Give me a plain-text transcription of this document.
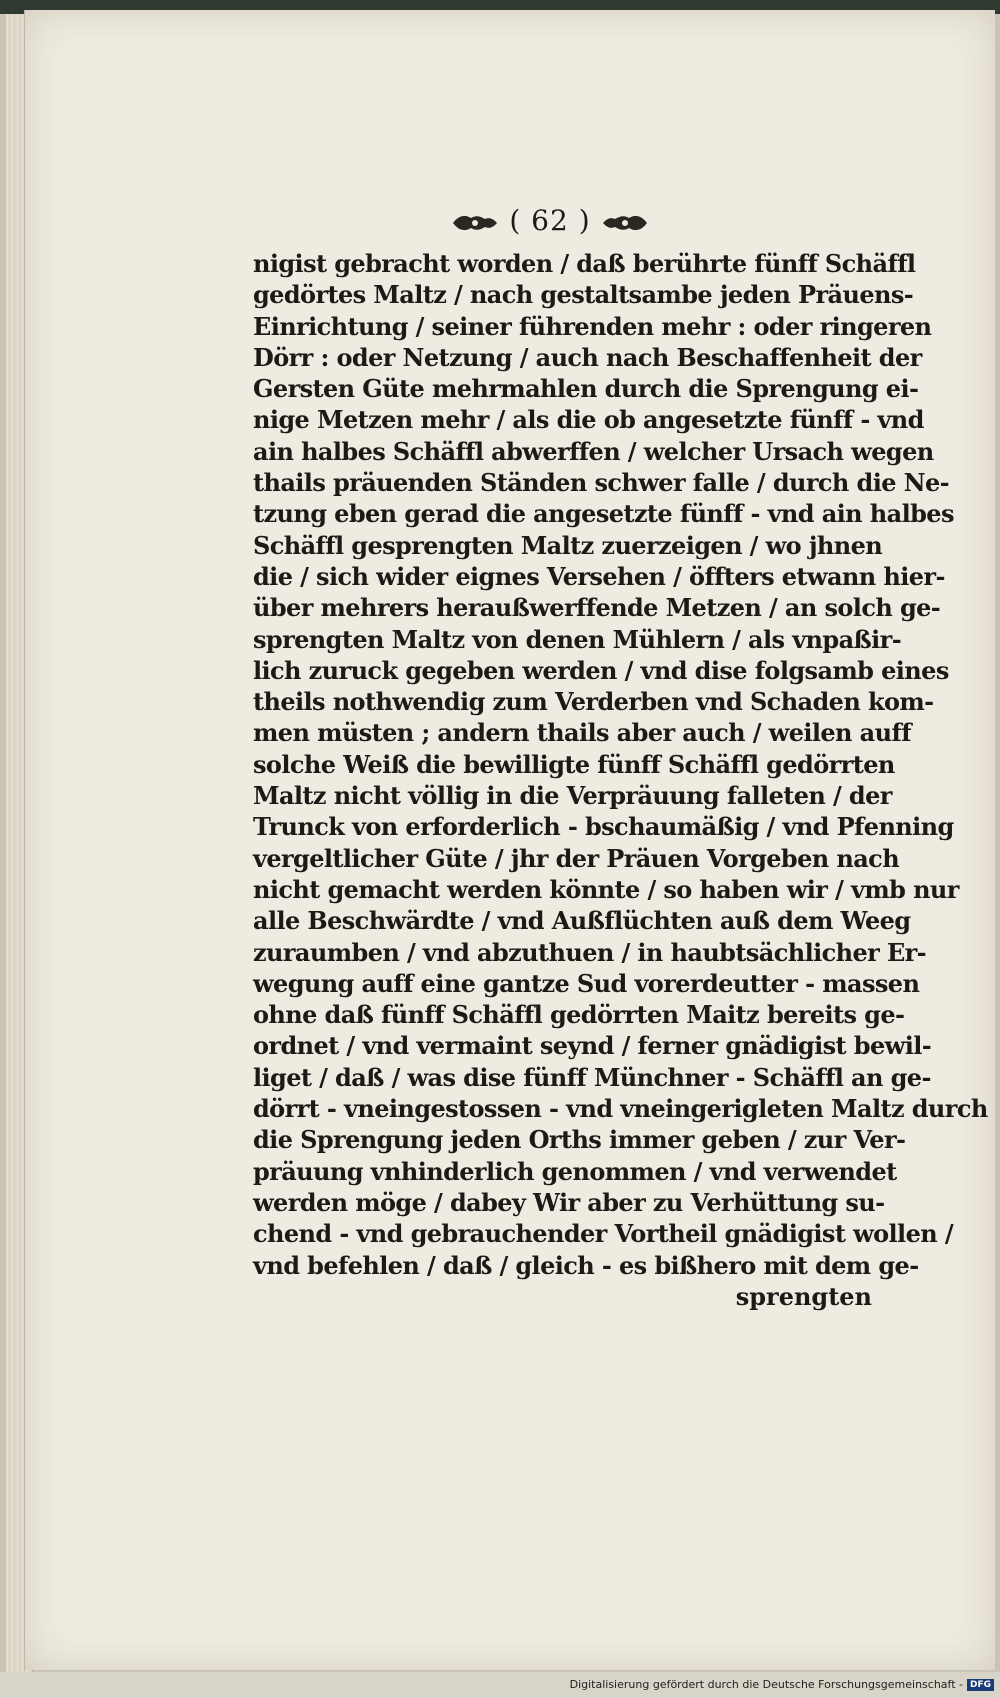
( 62 )
nigist gebracht worden / daß berührte fünff Schäffl
gedörtes Maltz / nach gestaltsambe jeden Präuens-
Einrichtung / seiner führenden mehr : oder ringeren
Dörr : oder Netzung / auch nach Beschaffenheit der
Gersten Güte mehrmahlen durch die Sprengung ei-
nige Metzen mehr / als die ob angesetzte fünff - vnd
ain halbes Schäffl abwerffen / welcher Ursach wegen
thails präuenden Ständen schwer falle / durch die Ne-
tzung eben gerad die angesetzte fünff - vnd ain halbes
Schäffl gesprengten Maltz zuerzeigen / wo jhnen
die / sich wider eignes Versehen / öffters etwann hier-
über mehrers heraußwerffende Metzen / an solch ge-
sprengten Maltz von denen Mühlern / als vnpaßir-
lich zuruck gegeben werden / vnd dise folgsamb eines
theils nothwendig zum Verderben vnd Schaden kom-
men müsten ; andern thails aber auch / weilen auff
solche Weiß die bewilligte fünff Schäffl gedörrten
Maltz nicht völlig in die Verpräuung falleten / der
Trunck von erforderlich - bschaumäßig / vnd Pfenning
vergeltlicher Güte / jhr der Präuen Vorgeben nach
nicht gemacht werden könnte / so haben wir / vmb nur
alle Beschwärdte / vnd Außflüchten auß dem Weeg
zuraumben / vnd abzuthuen / in haubtsächlicher Er-
wegung auff eine gantze Sud vorerdeutter - massen
ohne daß fünff Schäffl gedörrten Maitz bereits ge-
ordnet / vnd vermaint seynd / ferner gnädigist bewil-
liget / daß / was dise fünff Münchner - Schäffl an ge-
dörrt - vneingestossen - vnd vneingerigleten Maltz durch
die Sprengung jeden Orths immer geben / zur Ver-
präuung vnhinderlich genommen / vnd verwendet
werden möge / dabey Wir aber zu Verhüttung su-
chend - vnd gebrauchender Vortheil gnädigist wollen /
vnd befehlen / daß / gleich - es bißhero mit dem ge-
sprengten
Digitalisierung gefördert durch die Deutsche Forschungsgemeinschaft - DFG
